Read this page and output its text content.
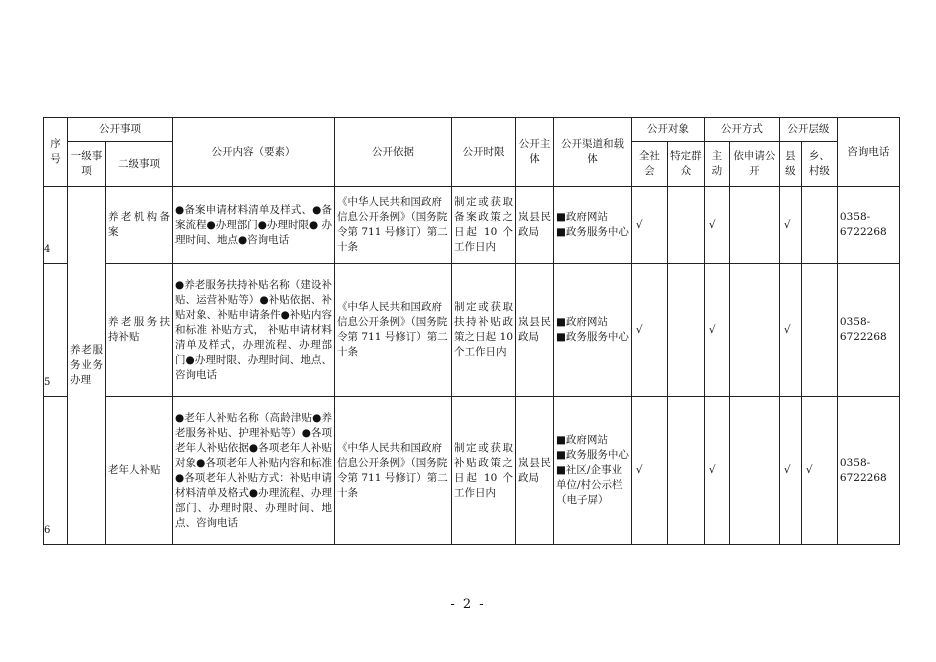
序号	公开事项		公开内容（要素）	公开依据	公开时限	公开主体	公开渠道和载体	公开对象		公开方式		公开层级		咨询电话
	一级事项	二级事项						全社会	特定群众	主动	依申请公开	县级	乡、村级	
4	养老服务业务办理	养老机构备案	●备案申请材料清单及样式、●备案流程●办理部门●办理时限● 办理时间、地点●咨询电话	《中华人民共和国政府信息公开条例》（国务院令第 711 号修订）第二十条	制定或获取备案政策之日起 10 个工作日内	岚县民政局	■政府网站
■政务服务中心	√		√		√		0358-6722268
5		养老服务扶持补贴	●养老服务扶持补贴名称（建设补贴、运营补贴等）●补贴依据、补贴对象、补贴申请条件●补贴内容和标准 补贴方式， 补贴申请材料清单及样式，办理流程、办理部门●办理时限、办理时间、地点、咨询电话	《中华人民共和国政府信息公开条例》（国务院令第 711 号修订）第二十条	制定或获取扶持补贴政策之日起 10 个工作日内	岚县民政局	■政府网站
■政务服务中心	√		√		√		0358-6722268
6		老年人补贴	●老年人补贴名称（高龄津贴●养老服务补贴、护理补贴等）●各项老年人补贴依据●各项老年人补贴对象●各项老年人补贴内容和标准●各项老年人补贴方式：补贴申请材料清单及格式●办理流程、办理部门、办理时限、办理时间、地点、咨询电话	《中华人民共和国政府信息公开条例》（国务院令第 711 号修订）第二十条	制定或获取补贴政策之日起 10 个工作日内	岚县民政局	■政府网站
■政务服务中心
■社区/企事业单位/村公示栏（电子屏）	√		√		√	√	0358-6722268
- 2 -
